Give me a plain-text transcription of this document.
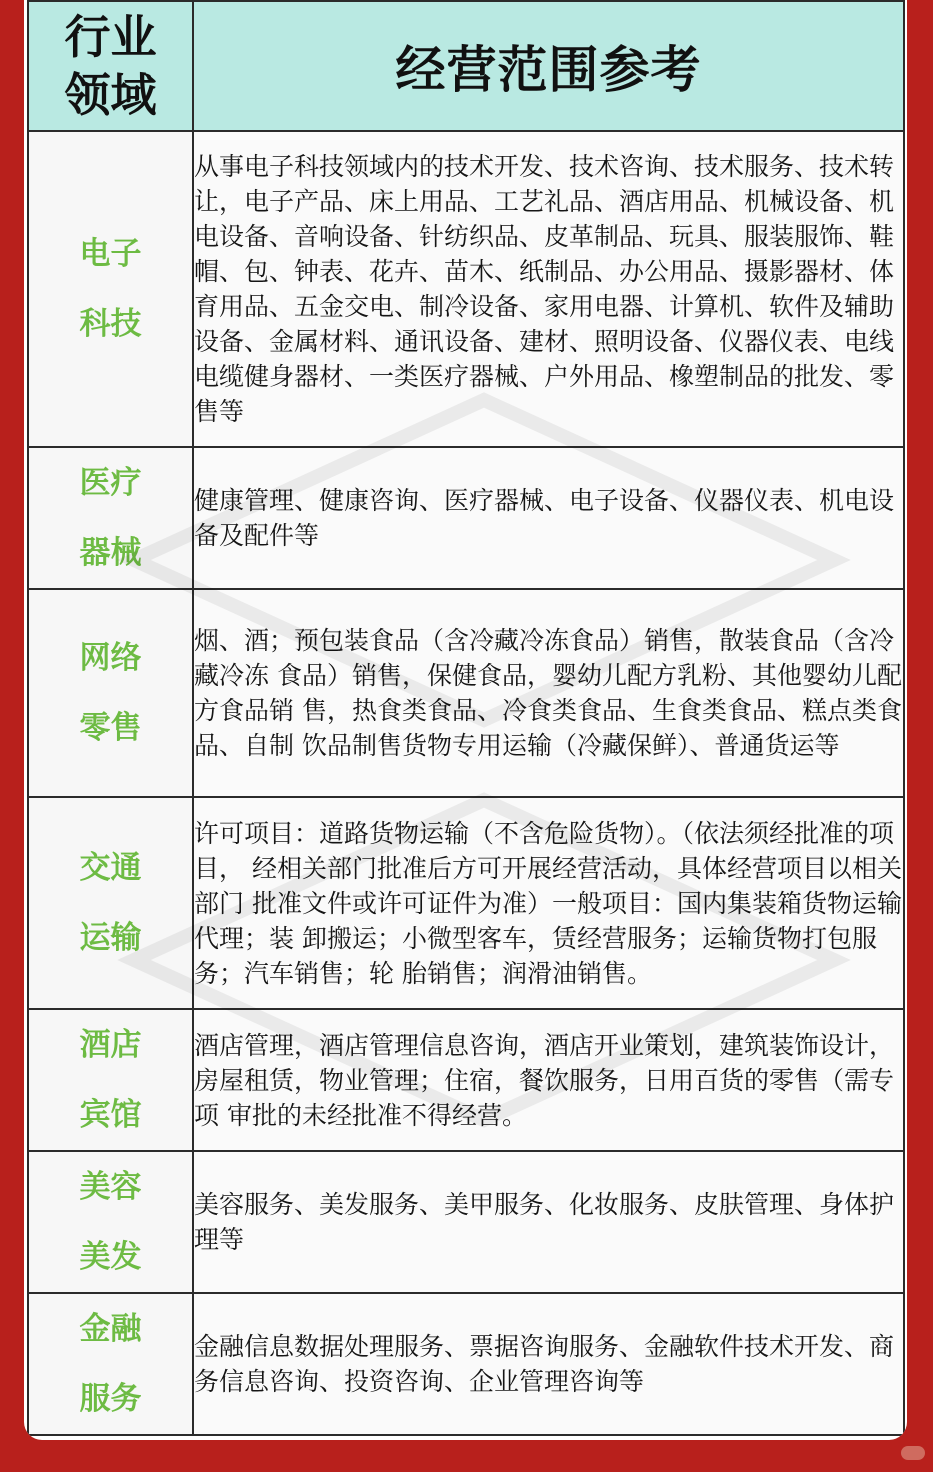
行业
领域	经营范围参考

电子
科技	从事电子科技领域内的技术开发、技术咨询、技术服务、技术转 让，电子产品、床上用品、工艺礼品、酒店用品、机械设备、机 电设备、音响设备、针纺织品、皮革制品、玩具、服装服饰、鞋 帽、包、钟表、花卉、苗木、纸制品、办公用品、摄影器材、体 育用品、五金交电、制冷设备、家用电器、计算机、软件及辅助 设备、金属材料、通讯设备、建材、照明设备、仪器仪表、电线 电缆健身器材、一类医疗器械、户外用品、橡塑制品的批发、零售等

医疗
器械	健康管理、健康咨询、医疗器械、电子设备、仪器仪表、机电设备及配件等

网络
零售	烟、酒；预包装食品（含冷藏冷冻食品）销售，散装食品（含冷藏冷冻 食品）销售，保健食品，婴幼儿配方乳粉、其他婴幼儿配方食品销 售，热食类食品、冷食类食品、生食类食品、糕点类食品、自制 饮品制售货物专用运输（冷藏保鲜）、普通货运等

交通
运输	许可项目：道路货物运输（不含危险货物）。（依法须经批准的项目， 经相关部门批准后方可开展经营活动，具体经营项目以相关部门 批准文件或许可证件为准）一般项目：国内集装箱货物运输代理；装 卸搬运；小微型客车，赁经营服务；运输货物打包服务；汽车销售；轮 胎销售；润滑油销售。

酒店
宾馆	酒店管理，酒店管理信息咨询，酒店开业策划，建筑装饰设计， 房屋租赁，物业管理；住宿，餐饮服务，日用百货的零售（需专项 审批的未经批准不得经营。

美容
美发	美容服务、美发服务、美甲服务、化妆服务、皮肤管理、身体护理等

金融
服务	金融信息数据处理服务、票据咨询服务、金融软件技术开发、商务信息咨询、投资咨询、企业管理咨询等
